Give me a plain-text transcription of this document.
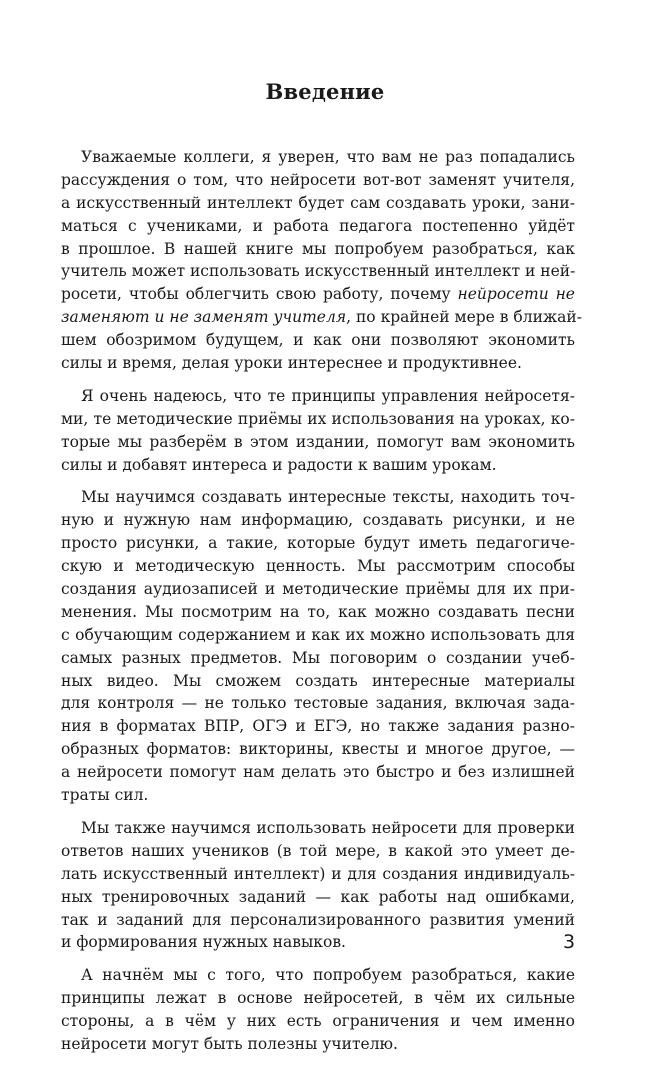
Введение
Уважаемые коллеги, я уверен, что вам не раз попадались
рассуждения о том, что нейросети вот-вот заменят учителя,
а искусственный интеллект будет сам создавать уроки, зани-
маться с учениками, и работа педагога постепенно уйдёт
в прошлое. В нашей книге мы попробуем разобраться, как
учитель может использовать искусственный интеллект и ней-
росети, чтобы облегчить свою работу, почему нейросети не
заменяют и не заменят учителя, по крайней мере в ближай-
шем обозримом будущем, и как они позволяют экономить
силы и время, делая уроки интереснее и продуктивнее.
Я очень надеюсь, что те принципы управления нейросетя-
ми, те методические приёмы их использования на уроках, ко-
торые мы разберём в этом издании, помогут вам экономить
силы и добавят интереса и радости к вашим урокам.
Мы научимся создавать интересные тексты, находить точ-
ную и нужную нам информацию, создавать рисунки, и не
просто рисунки, а такие, которые будут иметь педагогиче-
скую и методическую ценность. Мы рассмотрим способы
создания аудиозаписей и методические приёмы для их при-
менения. Мы посмотрим на то, как можно создавать песни
с обучающим содержанием и как их можно использовать для
самых разных предметов. Мы поговорим о создании учеб-
ных видео. Мы сможем создать интересные материалы
для контроля — не только тестовые задания, включая зада-
ния в форматах ВПР, ОГЭ и ЕГЭ, но также задания разно-
образных форматов: викторины, квесты и многое другое, —
а нейросети помогут нам делать это быстро и без излишней
траты сил.
Мы также научимся использовать нейросети для проверки
ответов наших учеников (в той мере, в какой это умеет де-
лать искусственный интеллект) и для создания индивидуаль-
ных тренировочных заданий — как работы над ошибками,
так и заданий для персонализированного развития умений
и формирования нужных навыков.
А начнём мы с того, что попробуем разобраться, какие
принципы лежат в основе нейросетей, в чём их сильные
стороны, а в чём у них есть ограничения и чем именно
нейросети могут быть полезны учителю.
3
